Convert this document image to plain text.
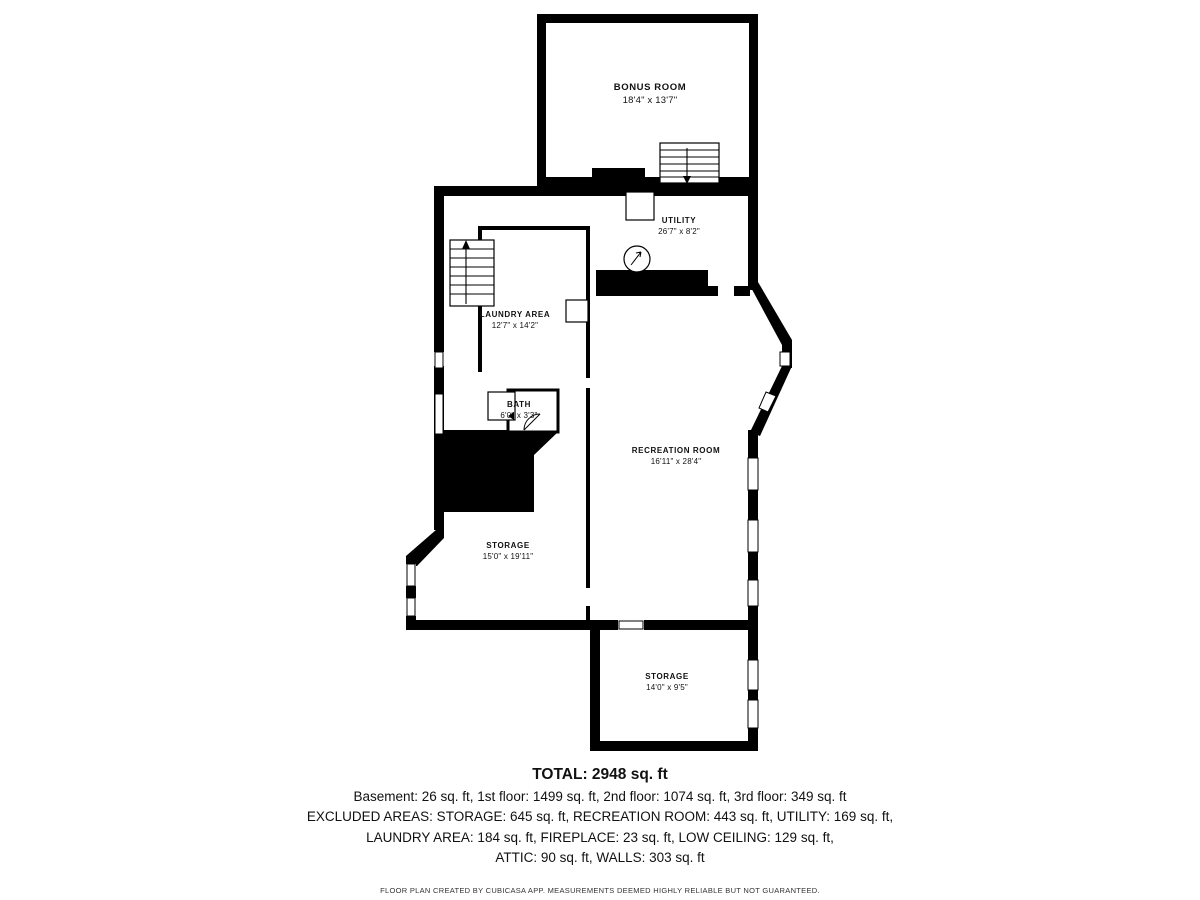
BONUS ROOM
18'4" x 13'7"
UTILITY
26'7" x 8'2"
LAUNDRY AREA
12'7" x 14'2"
BATH
6'0" x 3'3"
RECREATION ROOM
16'11" x 28'4"
STORAGE
15'0" x 19'11"
STORAGE
14'0" x 9'5"
TOTAL: 2948 sq. ft
Basement: 26 sq. ft, 1st floor: 1499 sq. ft, 2nd floor: 1074 sq. ft, 3rd floor: 349 sq. ft
EXCLUDED AREAS: STORAGE: 645 sq. ft, RECREATION ROOM: 443 sq. ft, UTILITY: 169 sq. ft,
LAUNDRY AREA: 184 sq. ft, FIREPLACE: 23 sq. ft, LOW CEILING: 129 sq. ft,
ATTIC: 90 sq. ft, WALLS: 303 sq. ft
FLOOR PLAN CREATED BY CUBICASA APP. MEASUREMENTS DEEMED HIGHLY RELIABLE BUT NOT GUARANTEED.
